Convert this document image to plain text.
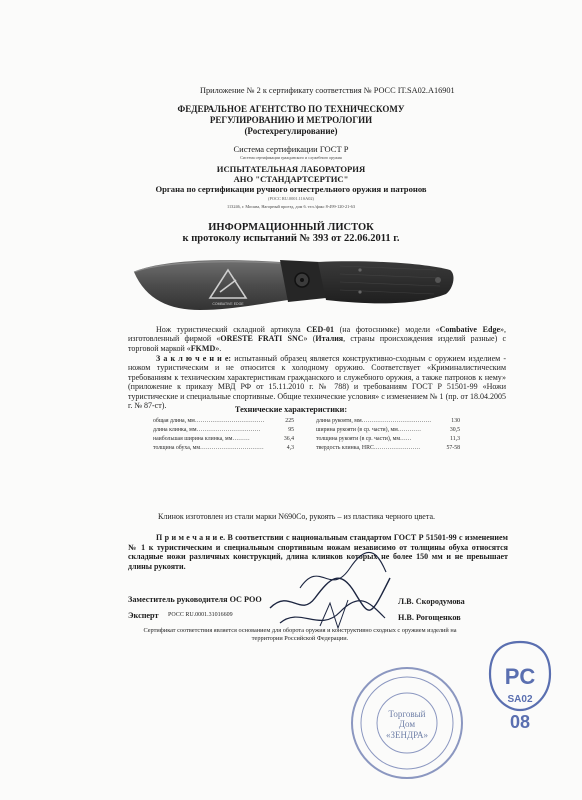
Приложение № 2 к сертификату соответствия № РОСС IT.SA02.A16901
ФЕДЕРАЛЬНОЕ АГЕНТСТВО ПО ТЕХНИЧЕСКОМУ
РЕГУЛИРОВАНИЮ И МЕТРОЛОГИИ
(Ростехрегулирование)
Система сертификации ГОСТ Р
Система сертификации гражданского и служебного оружия
ИСПЫТАТЕЛЬНАЯ ЛАБОРАТОРИЯ
АНО "СТАНДАРТСЕРТИС"
Органа по сертификации ручного огнестрельного оружия и патронов
(РОСС RU.0001.11SA02)
113246, г. Москва, Нагорный проезд, дом 6. тел./факс 8-499-120-21-63
ИНФОРМАЦИОННЫЙ ЛИСТОК
к протоколу испытаний № 393 от 22.06.2011 г.
COMBATIVE EDGE
Нож туристический складной артикула CED-01 (на фотоснимке) модели «Combative Edge», изготовленный фирмой «ORESTE FRATI SNC» (Италия, страны происхождения изделий разные) с торговой маркой «FKMD».
З а к л ю ч е н и е: испытанный образец является конструктивно-сходным с оружием изделием - ножом туристическим и не относится к холодному оружию. Соответствует «Криминалистическим требованиям к техническим характеристикам гражданского и служебного оружия, а также патронов к нему» (приложение к приказу МВД РФ от 15.11.2010 г. № 788) и требованиям ГОСТ Р 51501-99 «Ножи туристические и специальные спортивные. Общие технические условия» с изменением № 1 (пр. от 18.04.2005 г. № 87-ст).	Технические характеристики:
общая длина, мм………………………………	225
длина клинка, мм……………………………	95
наибольшая ширина клинка, мм………	36,4
толщина обуха, мм……………………………	4,3
длина рукояти, мм………………………………	130
ширина рукояти (в ср. части), мм…………	30,5
толщина рукояти (в ср. части), мм……	11,3
твердость клинка, HRC……………………	57-58
Клинок изготовлен из стали марки N690Co, рукоять – из пластика черного цвета.
П р и м е ч а н и е. В соответствии с национальным стандартом ГОСТ Р 51501-99 с изменением № 1 к туристическим и специальным спортивным ножам независимо от толщины обуха относятся складные ножи различных конструкций, длина клинков которых не более 150 мм и не превышает длины рукояти.
Заместитель руководителя ОС РОО	Л.В. Скородумова
Эксперт РОСС RU.0001.31016609	Н.В. Рогощенков
Сертификат соответствия является основанием для оборота оружия и конструктивно сходных с оружием изделий на территории Российской Федерации.
Торговый
Дом
«ЗЕНДРА»
PC
SA02
08
